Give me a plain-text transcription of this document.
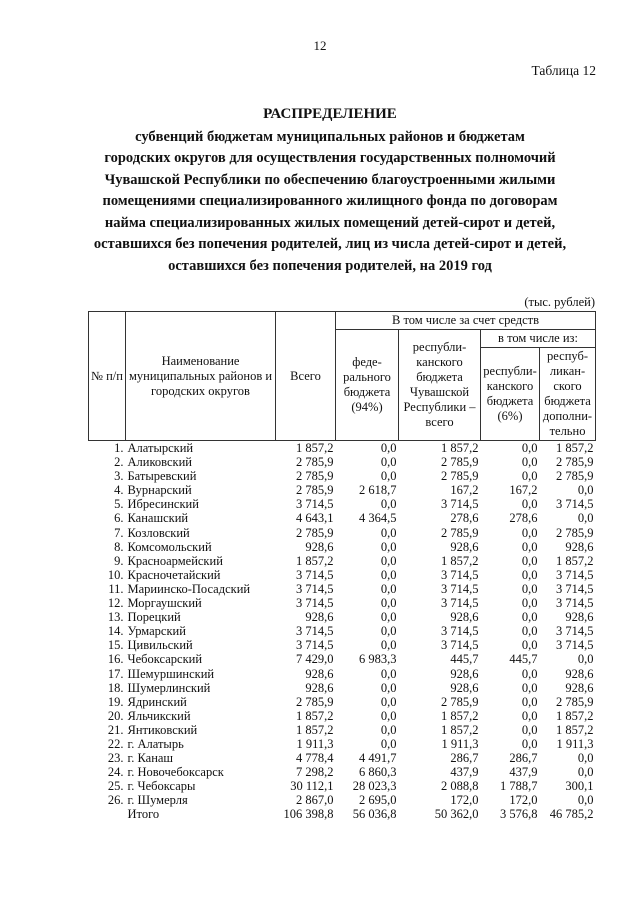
12
Таблица 12
РАСПРЕДЕЛЕНИЕ
субвенций бюджетам муниципальных районов и бюджетам
городских округов для осуществления государственных полномочий
Чувашской Республики по обеспечению благоустроенными жилыми
помещениями специализированного жилищного фонда по договорам
найма специализированных жилых помещений детей-сирот и детей,
оставшихся без попечения родителей, лиц из числа детей-сирот и детей,
оставшихся без попечения родителей, на 2019 год
(тыс. рублей)
№ п/п	Наименование муниципальных районов и городских округов	Всего	В том числе за счет средств			
			феде-рального бюджета (94%)	республи-канского бюджета Чувашской Республики – всего	в том числе из:	
					республи-канского бюджета (6%)	респуб-ликан-ского бюджета дополни-тельно
1.	Алатырский	1 857,2	0,0	1 857,2	0,0	1 857,2
2.	Аликовский	2 785,9	0,0	2 785,9	0,0	2 785,9
3.	Батыревский	2 785,9	0,0	2 785,9	0,0	2 785,9
4.	Вурнарский	2 785,9	2 618,7	167,2	167,2	0,0
5.	Ибресинский	3 714,5	0,0	3 714,5	0,0	3 714,5
6.	Канашский	4 643,1	4 364,5	278,6	278,6	0,0
7.	Козловский	2 785,9	0,0	2 785,9	0,0	2 785,9
8.	Комсомольский	928,6	0,0	928,6	0,0	928,6
9.	Красноармейский	1 857,2	0,0	1 857,2	0,0	1 857,2
10.	Красночетайский	3 714,5	0,0	3 714,5	0,0	3 714,5
11.	Мариинско-Посадский	3 714,5	0,0	3 714,5	0,0	3 714,5
12.	Моргаушский	3 714,5	0,0	3 714,5	0,0	3 714,5
13.	Порецкий	928,6	0,0	928,6	0,0	928,6
14.	Урмарский	3 714,5	0,0	3 714,5	0,0	3 714,5
15.	Цивильский	3 714,5	0,0	3 714,5	0,0	3 714,5
16.	Чебоксарский	7 429,0	6 983,3	445,7	445,7	0,0
17.	Шемуршинский	928,6	0,0	928,6	0,0	928,6
18.	Шумерлинский	928,6	0,0	928,6	0,0	928,6
19.	Ядринский	2 785,9	0,0	2 785,9	0,0	2 785,9
20.	Яльчикский	1 857,2	0,0	1 857,2	0,0	1 857,2
21.	Янтиковский	1 857,2	0,0	1 857,2	0,0	1 857,2
22.	г. Алатырь	1 911,3	0,0	1 911,3	0,0	1 911,3
23.	г. Канаш	4 778,4	4 491,7	286,7	286,7	0,0
24.	г. Новочебоксарск	7 298,2	6 860,3	437,9	437,9	0,0
25.	г. Чебоксары	30 112,1	28 023,3	2 088,8	1 788,7	300,1
26.	г. Шумерля	2 867,0	2 695,0	172,0	172,0	0,0
	Итого	106 398,8	56 036,8	50 362,0	3 576,8	46 785,2
